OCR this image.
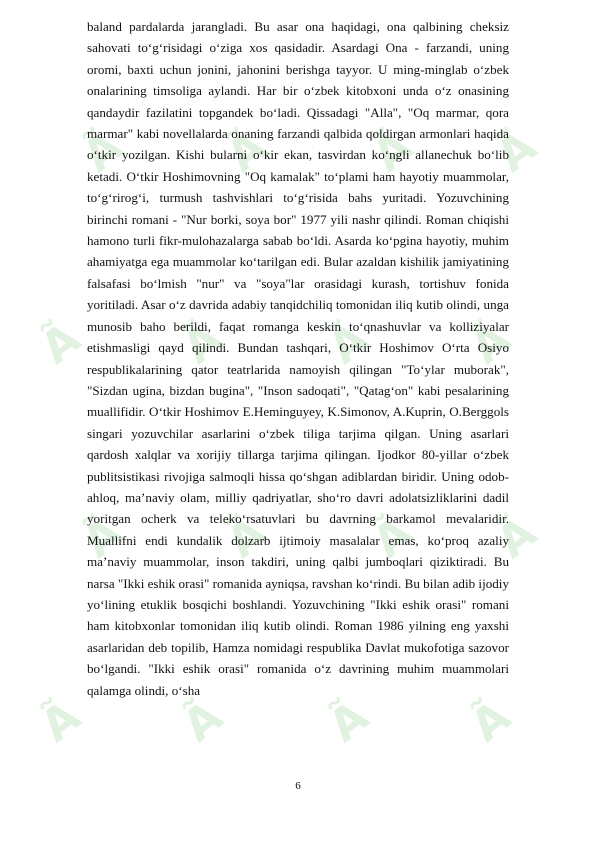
Ã Ã Ã Ã
Ã Ã Ã Ã
Ã Ã Ã Ã
Ã Ã Ã Ã

baland pardalarda jarangladi. Bu asar ona haqidagi, ona qalbining cheksiz sahovati to‘g‘risidagi o‘ziga xos qasidadir. Asardagi Ona - farzandi, uning oromi, baxti uchun jonini, jahonini berishga tayyor. U ming-minglab o‘zbek onalarining timsoliga aylandi. Har bir o‘zbek kitobxoni unda o‘z onasining qandaydir fazilatini topgandek bo‘ladi. Qissadagi "Alla", "Oq marmar, qora marmar" kabi novellalarda onaning farzandi qalbida qoldirgan armonlari haqida o‘tkir yozilgan. Kishi bularni o‘kir ekan, tasvirdan ko‘ngli allanechuk bo‘lib ketadi. O‘tkir Hoshimovning "Oq kamalak" to‘plami ham hayotiy muammolar, to‘g‘rirog‘i, turmush tashvishlari to‘g‘risida bahs yuritadi. Yozuvchining birinchi romani - "Nur borki, soya bor" 1977 yili nashr qilindi. Roman chiqishi hamono turli fikr-mulohazalarga sabab bo‘ldi. Asarda ko‘pgina hayotiy, muhim ahamiyatga ega muammolar ko‘tarilgan edi. Bular azaldan kishilik jamiyatining falsafasi bo‘lmish "nur" va "soya"lar orasidagi kurash, tortishuv fonida yoritiladi. Asar o‘z davrida adabiy tanqidchiliq tomonidan iliq kutib olindi, unga munosib baho berildi, faqat romanga keskin to‘qnashuvlar va kolliziyalar etishmasligi qayd qilindi. Bundan tashqari, O‘tkir Hoshimov O‘rta Osiyo respublikalarining qator teatrlarida namoyish qilingan "To‘ylar muborak", "Sizdan ugina, bizdan bugina", "Inson sadoqati", "Qatag‘on" kabi pesalarining muallifidir. O‘tkir Hoshimov E.Heminguyey, K.Simonov, A.Kuprin, O.Berggols singari yozuvchilar asarlarini o‘zbek tiliga tarjima qilgan. Uning asarlari qardosh xalqlar va xorijiy tillarga tarjima qilingan. Ijodkor 80-yillar o‘zbek publitsistikasi rivojiga salmoqli hissa qo‘shgan adiblardan biridir. Uning odob-ahloq, ma’naviy olam, milliy qadriyatlar, sho‘ro davri adolatsizliklarini dadil yoritgan ocherk va teleko‘rsatuvlari bu davrning barkamol mevalaridir. Muallifni endi kundalik dolzarb ijtimoiy masalalar emas, ko‘proq azaliy ma’naviy muammolar, inson takdiri, uning qalbi jumboqlari qiziktiradi. Bu narsa "Ikki eshik orasi" romanida ayniqsa, ravshan ko‘rindi. Bu bilan adib ijodiy yo‘lining etuklik bosqichi boshlandi. Yozuvchining "Ikki eshik orasi" romani ham kitobxonlar tomonidan iliq kutib olindi. Roman 1986 yilning eng yaxshi asarlaridan deb topilib, Hamza nomidagi respublika Davlat mukofotiga sazovor bo‘lgandi. "Ikki eshik orasi" romanida o‘z davrining muhim muammolari qalamga olindi, o‘sha

6
